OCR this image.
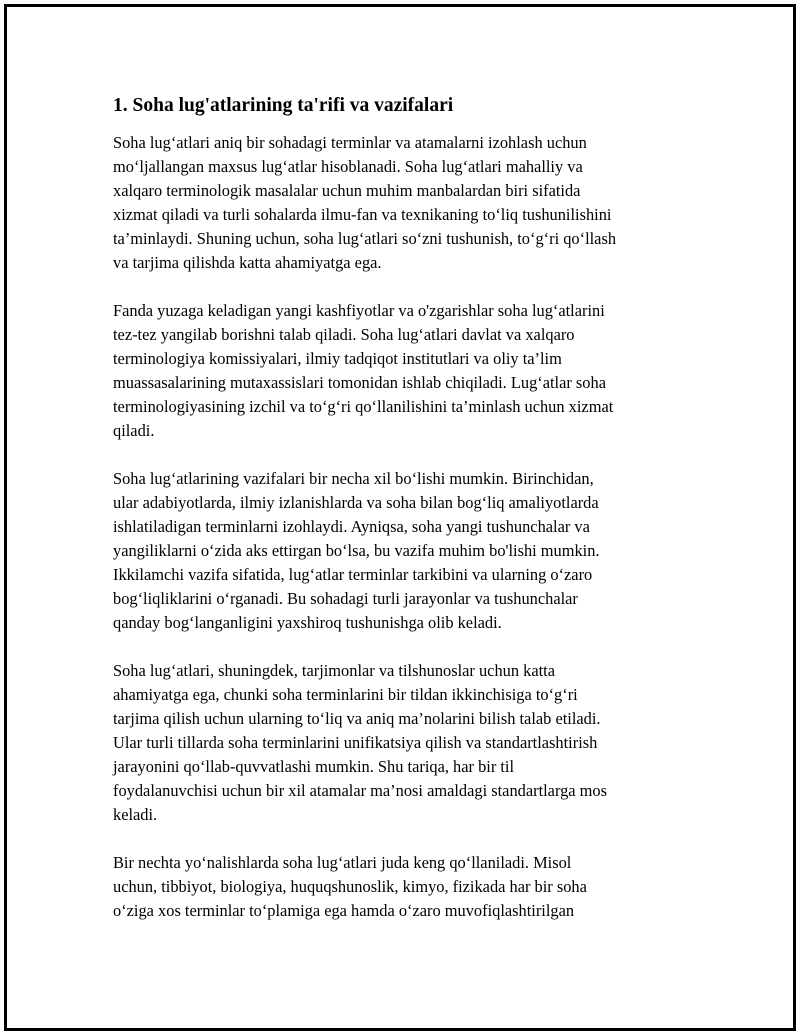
1. Soha lug'atlarining ta'rifi va vazifalari

Soha lug‘atlari aniq bir sohadagi terminlar va atamalarni izohlash uchun
mo‘ljallangan maxsus lug‘atlar hisoblanadi. Soha lug‘atlari mahalliy va
xalqaro terminologik masalalar uchun muhim manbalardan biri sifatida
xizmat qiladi va turli sohalarda ilmu-fan va texnikaning to‘liq tushunilishini
ta’minlaydi. Shuning uchun, soha lug‘atlari so‘zni tushunish, to‘g‘ri qo‘llash
va tarjima qilishda katta ahamiyatga ega.

Fanda yuzaga keladigan yangi kashfiyotlar va o'zgarishlar soha lug‘atlarini
tez-tez yangilab borishni talab qiladi. Soha lug‘atlari davlat va xalqaro
terminologiya komissiyalari, ilmiy tadqiqot institutlari va oliy ta’lim
muassasalarining mutaxassislari tomonidan ishlab chiqiladi. Lug‘atlar soha
terminologiyasining izchil va to‘g‘ri qo‘llanilishini ta’minlash uchun xizmat
qiladi.

Soha lug‘atlarining vazifalari bir necha xil bo‘lishi mumkin. Birinchidan,
ular adabiyotlarda, ilmiy izlanishlarda va soha bilan bog‘liq amaliyotlarda
ishlatiladigan terminlarni izohlaydi. Ayniqsa, soha yangi tushunchalar va
yangiliklarni o‘zida aks ettirgan bo‘lsa, bu vazifa muhim bo'lishi mumkin.
Ikkilamchi vazifa sifatida, lug‘atlar terminlar tarkibini va ularning o‘zaro
bog‘liqliklarini o‘rganadi. Bu sohadagi turli jarayonlar va tushunchalar
qanday bog‘langanligini yaxshiroq tushunishga olib keladi.

Soha lug‘atlari, shuningdek, tarjimonlar va tilshunoslar uchun katta
ahamiyatga ega, chunki soha terminlarini bir tildan ikkinchisiga to‘g‘ri
tarjima qilish uchun ularning to‘liq va aniq ma’nolarini bilish talab etiladi.
Ular turli tillarda soha terminlarini unifikatsiya qilish va standartlashtirish
jarayonini qo‘llab-quvvatlashi mumkin. Shu tariqa, har bir til
foydalanuvchisi uchun bir xil atamalar ma’nosi amaldagi standartlarga mos
keladi.

Bir nechta yo‘nalishlarda soha lug‘atlari juda keng qo‘llaniladi. Misol
uchun, tibbiyot, biologiya, huquqshunoslik, kimyo, fizikada har bir soha
o‘ziga xos terminlar to‘plamiga ega hamda o‘zaro muvofiqlashtirilgan
